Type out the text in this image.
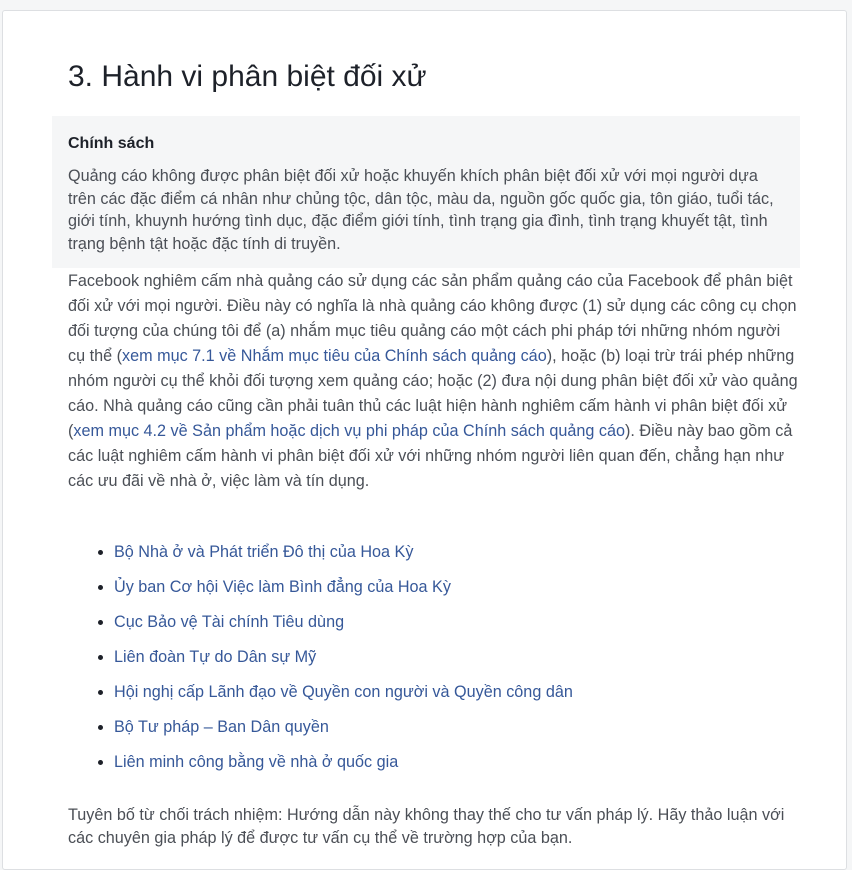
3. Hành vi phân biệt đối xử

Chính sách

Quảng cáo không được phân biệt đối xử hoặc khuyến khích phân biệt đối xử với mọi người dựa trên các đặc điểm cá nhân như chủng tộc, dân tộc, màu da, nguồn gốc quốc gia, tôn giáo, tuổi tác, giới tính, khuynh hướng tình dục, đặc điểm giới tính, tình trạng gia đình, tình trạng khuyết tật, tình trạng bệnh tật hoặc đặc tính di truyền.

Facebook nghiêm cấm nhà quảng cáo sử dụng các sản phẩm quảng cáo của Facebook để phân biệt đối xử với mọi người. Điều này có nghĩa là nhà quảng cáo không được (1) sử dụng các công cụ chọn đối tượng của chúng tôi để (a) nhắm mục tiêu quảng cáo một cách phi pháp tới những nhóm người cụ thể (xem mục 7.1 về Nhắm mục tiêu của Chính sách quảng cáo), hoặc (b) loại trừ trái phép những nhóm người cụ thể khỏi đối tượng xem quảng cáo; hoặc (2) đưa nội dung phân biệt đối xử vào quảng cáo. Nhà quảng cáo cũng cần phải tuân thủ các luật hiện hành nghiêm cấm hành vi phân biệt đối xử (xem mục 4.2 về Sản phẩm hoặc dịch vụ phi pháp của Chính sách quảng cáo). Điều này bao gồm cả các luật nghiêm cấm hành vi phân biệt đối xử với những nhóm người liên quan đến, chẳng hạn như các ưu đãi về nhà ở, việc làm và tín dụng.

• Bộ Nhà ở và Phát triển Đô thị của Hoa Kỳ
• Ủy ban Cơ hội Việc làm Bình đẳng của Hoa Kỳ
• Cục Bảo vệ Tài chính Tiêu dùng
• Liên đoàn Tự do Dân sự Mỹ
• Hội nghị cấp Lãnh đạo về Quyền con người và Quyền công dân
• Bộ Tư pháp – Ban Dân quyền
• Liên minh công bằng về nhà ở quốc gia

Tuyên bố từ chối trách nhiệm: Hướng dẫn này không thay thế cho tư vấn pháp lý. Hãy thảo luận với các chuyên gia pháp lý để được tư vấn cụ thể về trường hợp của bạn.
